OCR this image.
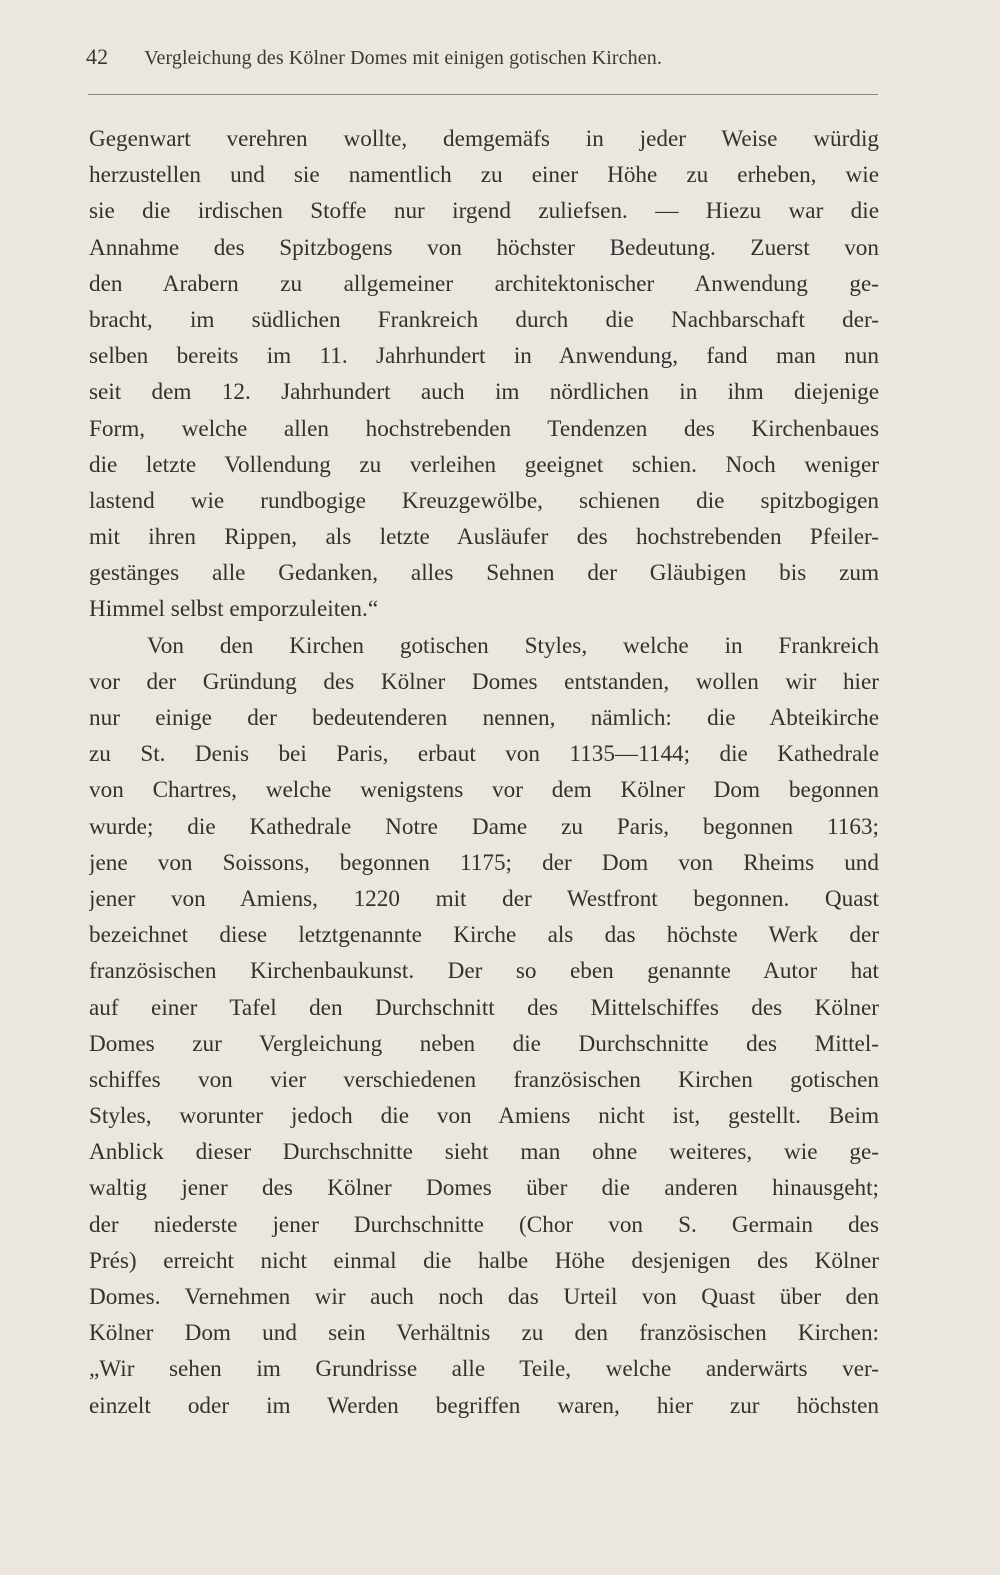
42 Vergleichung des Kölner Domes mit einigen gotischen Kirchen.
Gegenwart verehren wollte, demgemäfs in jeder Weise würdig
herzustellen und sie namentlich zu einer Höhe zu erheben, wie
sie die irdischen Stoffe nur irgend zuliefsen. — Hiezu war die
Annahme des Spitzbogens von höchster Bedeutung. Zuerst von
den Arabern zu allgemeiner architektonischer Anwendung ge-
bracht, im südlichen Frankreich durch die Nachbarschaft der-
selben bereits im 11. Jahrhundert in Anwendung, fand man nun
seit dem 12. Jahrhundert auch im nördlichen in ihm diejenige
Form, welche allen hochstrebenden Tendenzen des Kirchenbaues
die letzte Vollendung zu verleihen geeignet schien. Noch weniger
lastend wie rundbogige Kreuzgewölbe, schienen die spitzbogigen
mit ihren Rippen, als letzte Ausläufer des hochstrebenden Pfeiler-
gestänges alle Gedanken, alles Sehnen der Gläubigen bis zum
Himmel selbst emporzuleiten.“
Von den Kirchen gotischen Styles, welche in Frankreich
vor der Gründung des Kölner Domes entstanden, wollen wir hier
nur einige der bedeutenderen nennen, nämlich: die Abteikirche
zu St. Denis bei Paris, erbaut von 1135—1144; die Kathedrale
von Chartres, welche wenigstens vor dem Kölner Dom begonnen
wurde; die Kathedrale Notre Dame zu Paris, begonnen 1163;
jene von Soissons, begonnen 1175; der Dom von Rheims und
jener von Amiens, 1220 mit der Westfront begonnen. Quast
bezeichnet diese letztgenannte Kirche als das höchste Werk der
französischen Kirchenbaukunst. Der so eben genannte Autor hat
auf einer Tafel den Durchschnitt des Mittelschiffes des Kölner
Domes zur Vergleichung neben die Durchschnitte des Mittel-
schiffes von vier verschiedenen französischen Kirchen gotischen
Styles, worunter jedoch die von Amiens nicht ist, gestellt. Beim
Anblick dieser Durchschnitte sieht man ohne weiteres, wie ge-
waltig jener des Kölner Domes über die anderen hinausgeht;
der niederste jener Durchschnitte (Chor von S. Germain des
Prés) erreicht nicht einmal die halbe Höhe desjenigen des Kölner
Domes. Vernehmen wir auch noch das Urteil von Quast über den
Kölner Dom und sein Verhältnis zu den französischen Kirchen:
„Wir sehen im Grundrisse alle Teile, welche anderwärts ver-
einzelt oder im Werden begriffen waren, hier zur höchsten
